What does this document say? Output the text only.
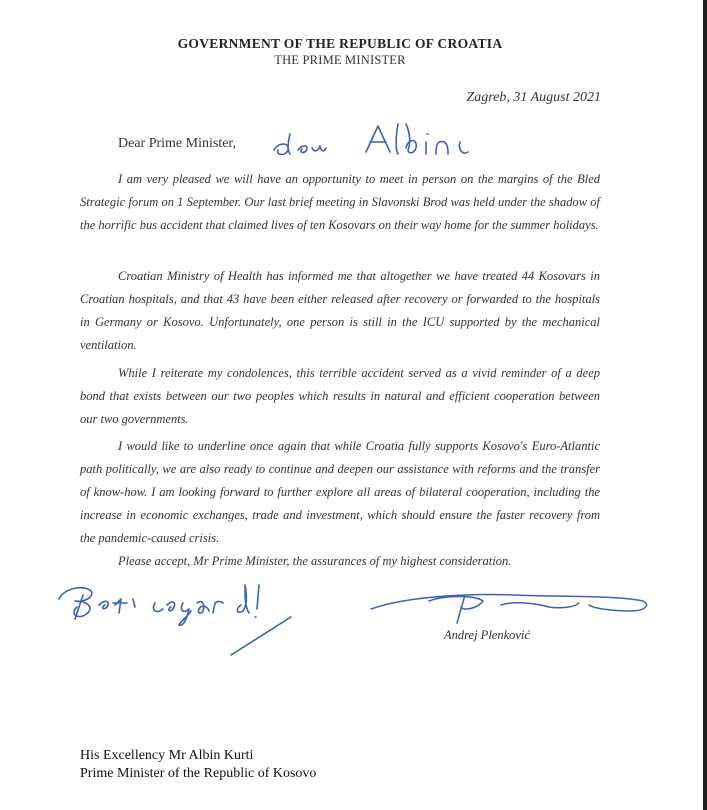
GOVERNMENT OF THE REPUBLIC OF CROATIA
THE PRIME MINISTER
Zagreb, 31 August 2021
Dear Prime Minister,

I am very pleased we will have an opportunity to meet in person on the margins of the Bled Strategic forum on 1 September. Our last brief meeting in Slavonski Brod was held under the shadow of the horrific bus accident that claimed lives of ten Kosovars on their way home for the summer holidays.

Croatian Ministry of Health has informed me that altogether we have treated 44 Kosovars in Croatian hospitals, and that 43 have been either released after recovery or forwarded to the hospitals in Germany or Kosovo. Unfortunately, one person is still in the ICU supported by the mechanical ventilation.

While I reiterate my condolences, this terrible accident served as a vivid reminder of a deep bond that exists between our two peoples which results in natural and efficient cooperation between our two governments.

I would like to underline once again that while Croatia fully supports Kosovo's Euro-Atlantic path politically, we are also ready to continue and deepen our assistance with reforms and the transfer of know-how. I am looking forward to further explore all areas of bilateral cooperation, including the increase in economic exchanges, trade and investment, which should ensure the faster recovery from the pandemic-caused crisis.

Please accept, Mr Prime Minister, the assurances of my highest consideration.
Andrej Plenković
His Excellency Mr Albin Kurti
Prime Minister of the Republic of Kosovo
